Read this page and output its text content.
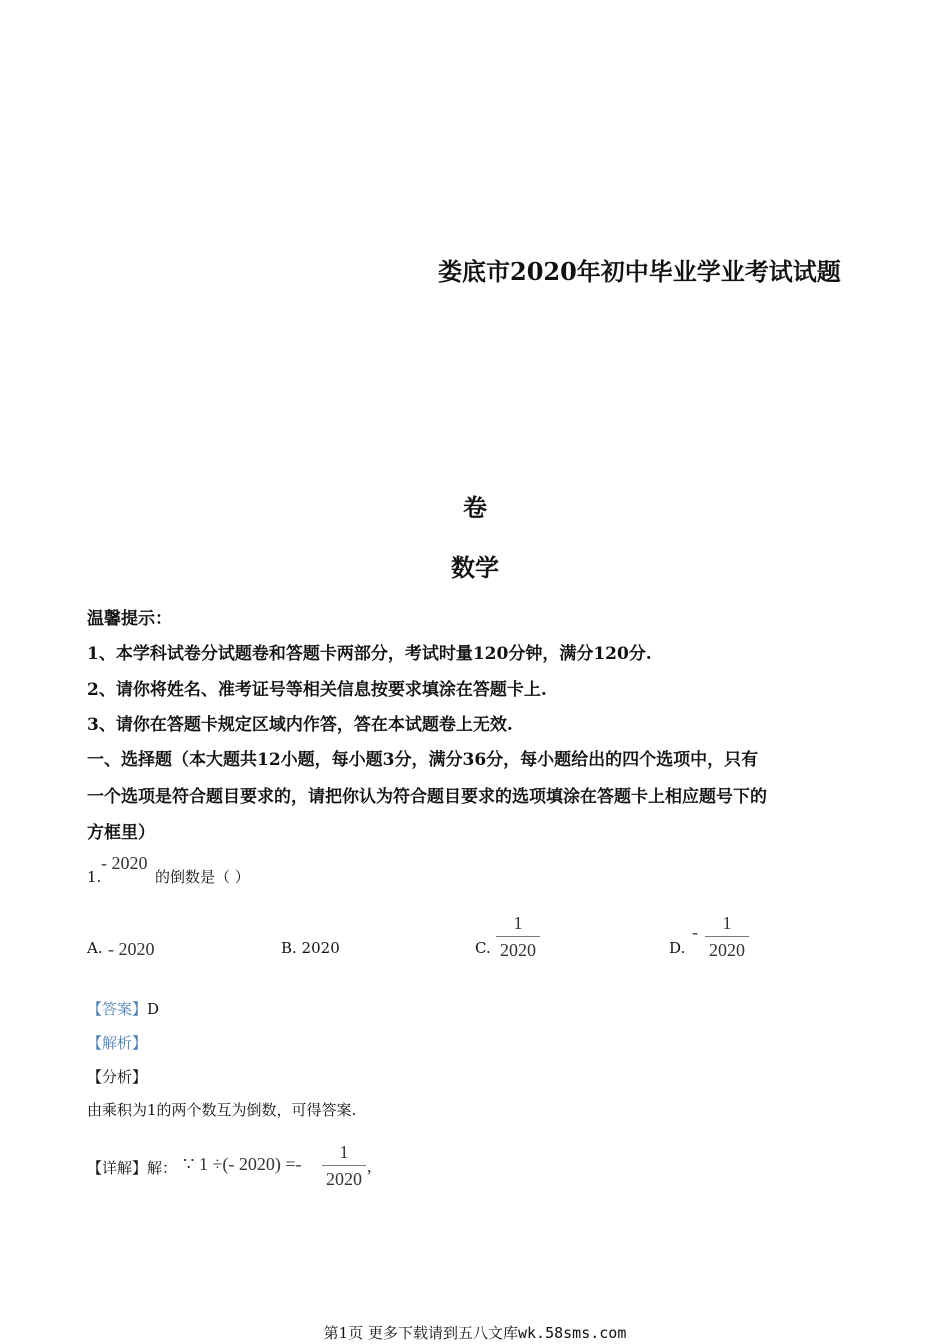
娄底市2020年初中毕业学业考试试题
卷
数学
温馨提示：
1、本学科试卷分试题卷和答题卡两部分，考试时量120分钟，满分120分.
2、请你将姓名、准考证号等相关信息按要求填涂在答题卡上.
3、请你在答题卡规定区域内作答，答在本试题卷上无效.
一、选择题（本大题共12小题，每小题3分，满分36分，每小题给出的四个选项中，只有
一个选项是符合题目要求的，请把你认为符合题目要求的选项填涂在答题卡上相应题号下的
方框里）
1.
- 2020
的倒数是（ ）
A. - 2020	B. 2020	C.
1
2020	D.
-	1
2020
【答案】D
【解析】
【分析】
由乘积为1的两个数互为倒数，可得答案.
【详解】解： ∵ 1 ÷(- 2020) =-
1
2020
,
第1页 更多下载请到五八文库wk.58sms.com
